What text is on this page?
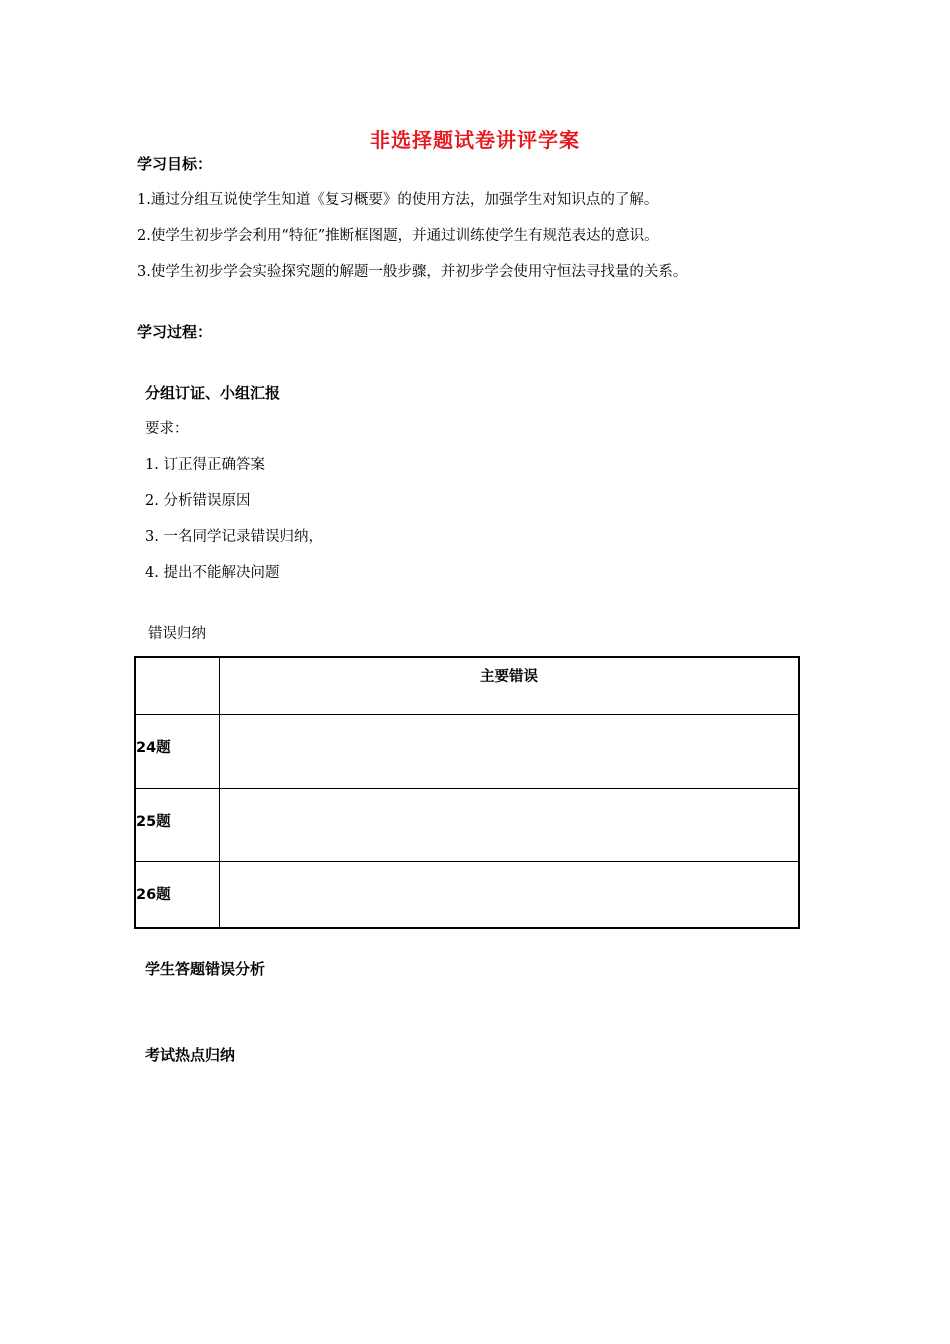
非选择题试卷讲评学案
学习目标：
1.通过分组互说使学生知道《复习概要》的使用方法，加强学生对知识点的了解。
2.使学生初步学会利用“特征”推断框图题，并通过训练使学生有规范表达的意识。
3.使学生初步学会实验探究题的解题一般步骤，并初步学会使用守恒法寻找量的关系。
学习过程：
分组订证、小组汇报
要求：
1. 订正得正确答案
2. 分析错误原因
3. 一名同学记录错误归纳，
4. 提出不能解决问题
错误归纳
	主要错误
24题	
25题	
26题	
学生答题错误分析
考试热点归纳
